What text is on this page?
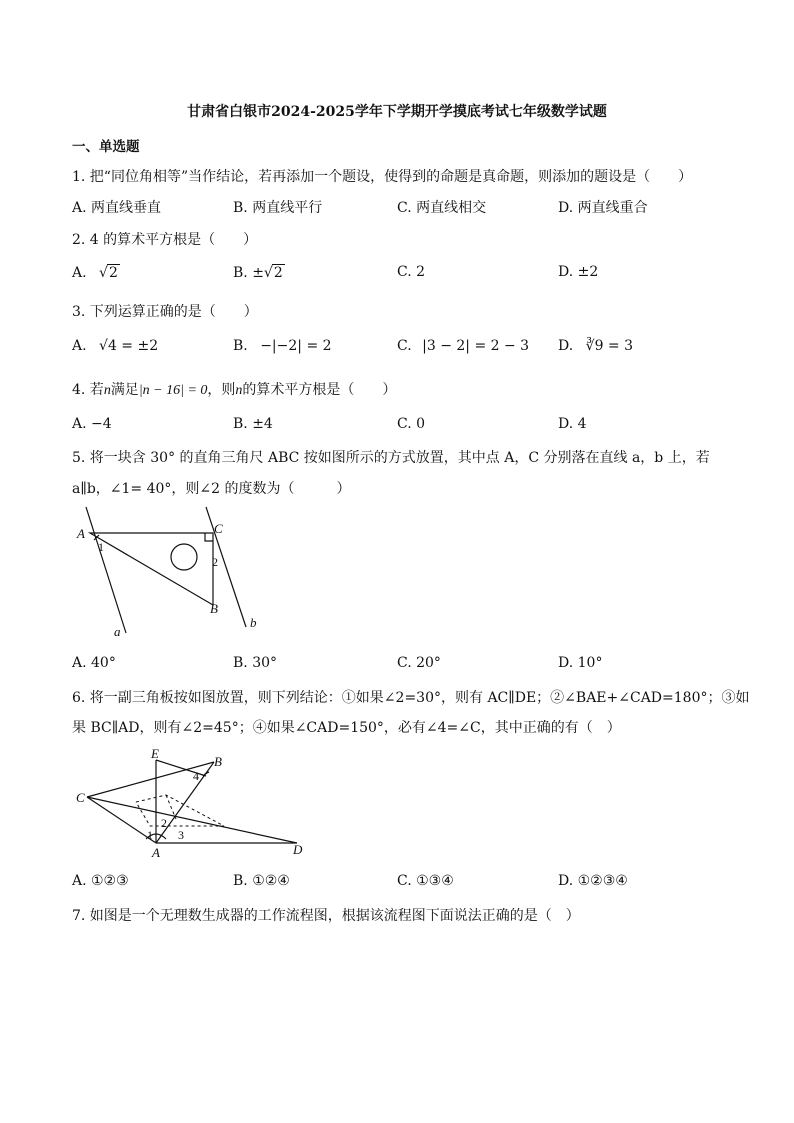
甘肃省白银市2024-2025学年下学期开学摸底考试七年级数学试题
一、单选题
1. 把“同位角相等”当作结论，若再添加一个题设，使得到的命题是真命题，则添加的题设是（　　）
A. 两直线垂直	B. 两直线平行	C. 两直线相交	D. 两直线重合
2. 4 的算术平方根是（　　）
A. √2	B. ±√2	C. 2	D. ±2
3. 下列运算正确的是（　　）
A. √4 = ±2	B. −|−2| = 2	C. |3 − 2| = 2 − 3 D. ∛9 = 3
4. 若n满足|n − 16| = 0，则n的算术平方根是（　　）
A. −4	B. ±4	C. 0	D. 4
5. 将一块含 30° 的直角三角尺 ABC 按如图所示的方式放置，其中点 A，C 分别落在直线 a，b 上，若
a∥b，∠1= 40°，则∠2 的度数为（　　　）
A	C
B
1
2
a
b
A. 40°	B. 30°	C. 20°	D. 10°
6. 将一副三角板按如图放置，则下列结论：①如果∠2=30°，则有 AC∥DE；②∠BAE+∠CAD=180°；③如
果 BC∥AD，则有∠2=45°；④如果∠CAD=150°，必有∠4=∠C，其中正确的有（　）
E
B
C
4
1
2
3
A	D
A. ①②③	B. ①②④	C. ①③④	D. ①②③④
7. 如图是一个无理数生成器的工作流程图，根据该流程图下面说法正确的是（　）
